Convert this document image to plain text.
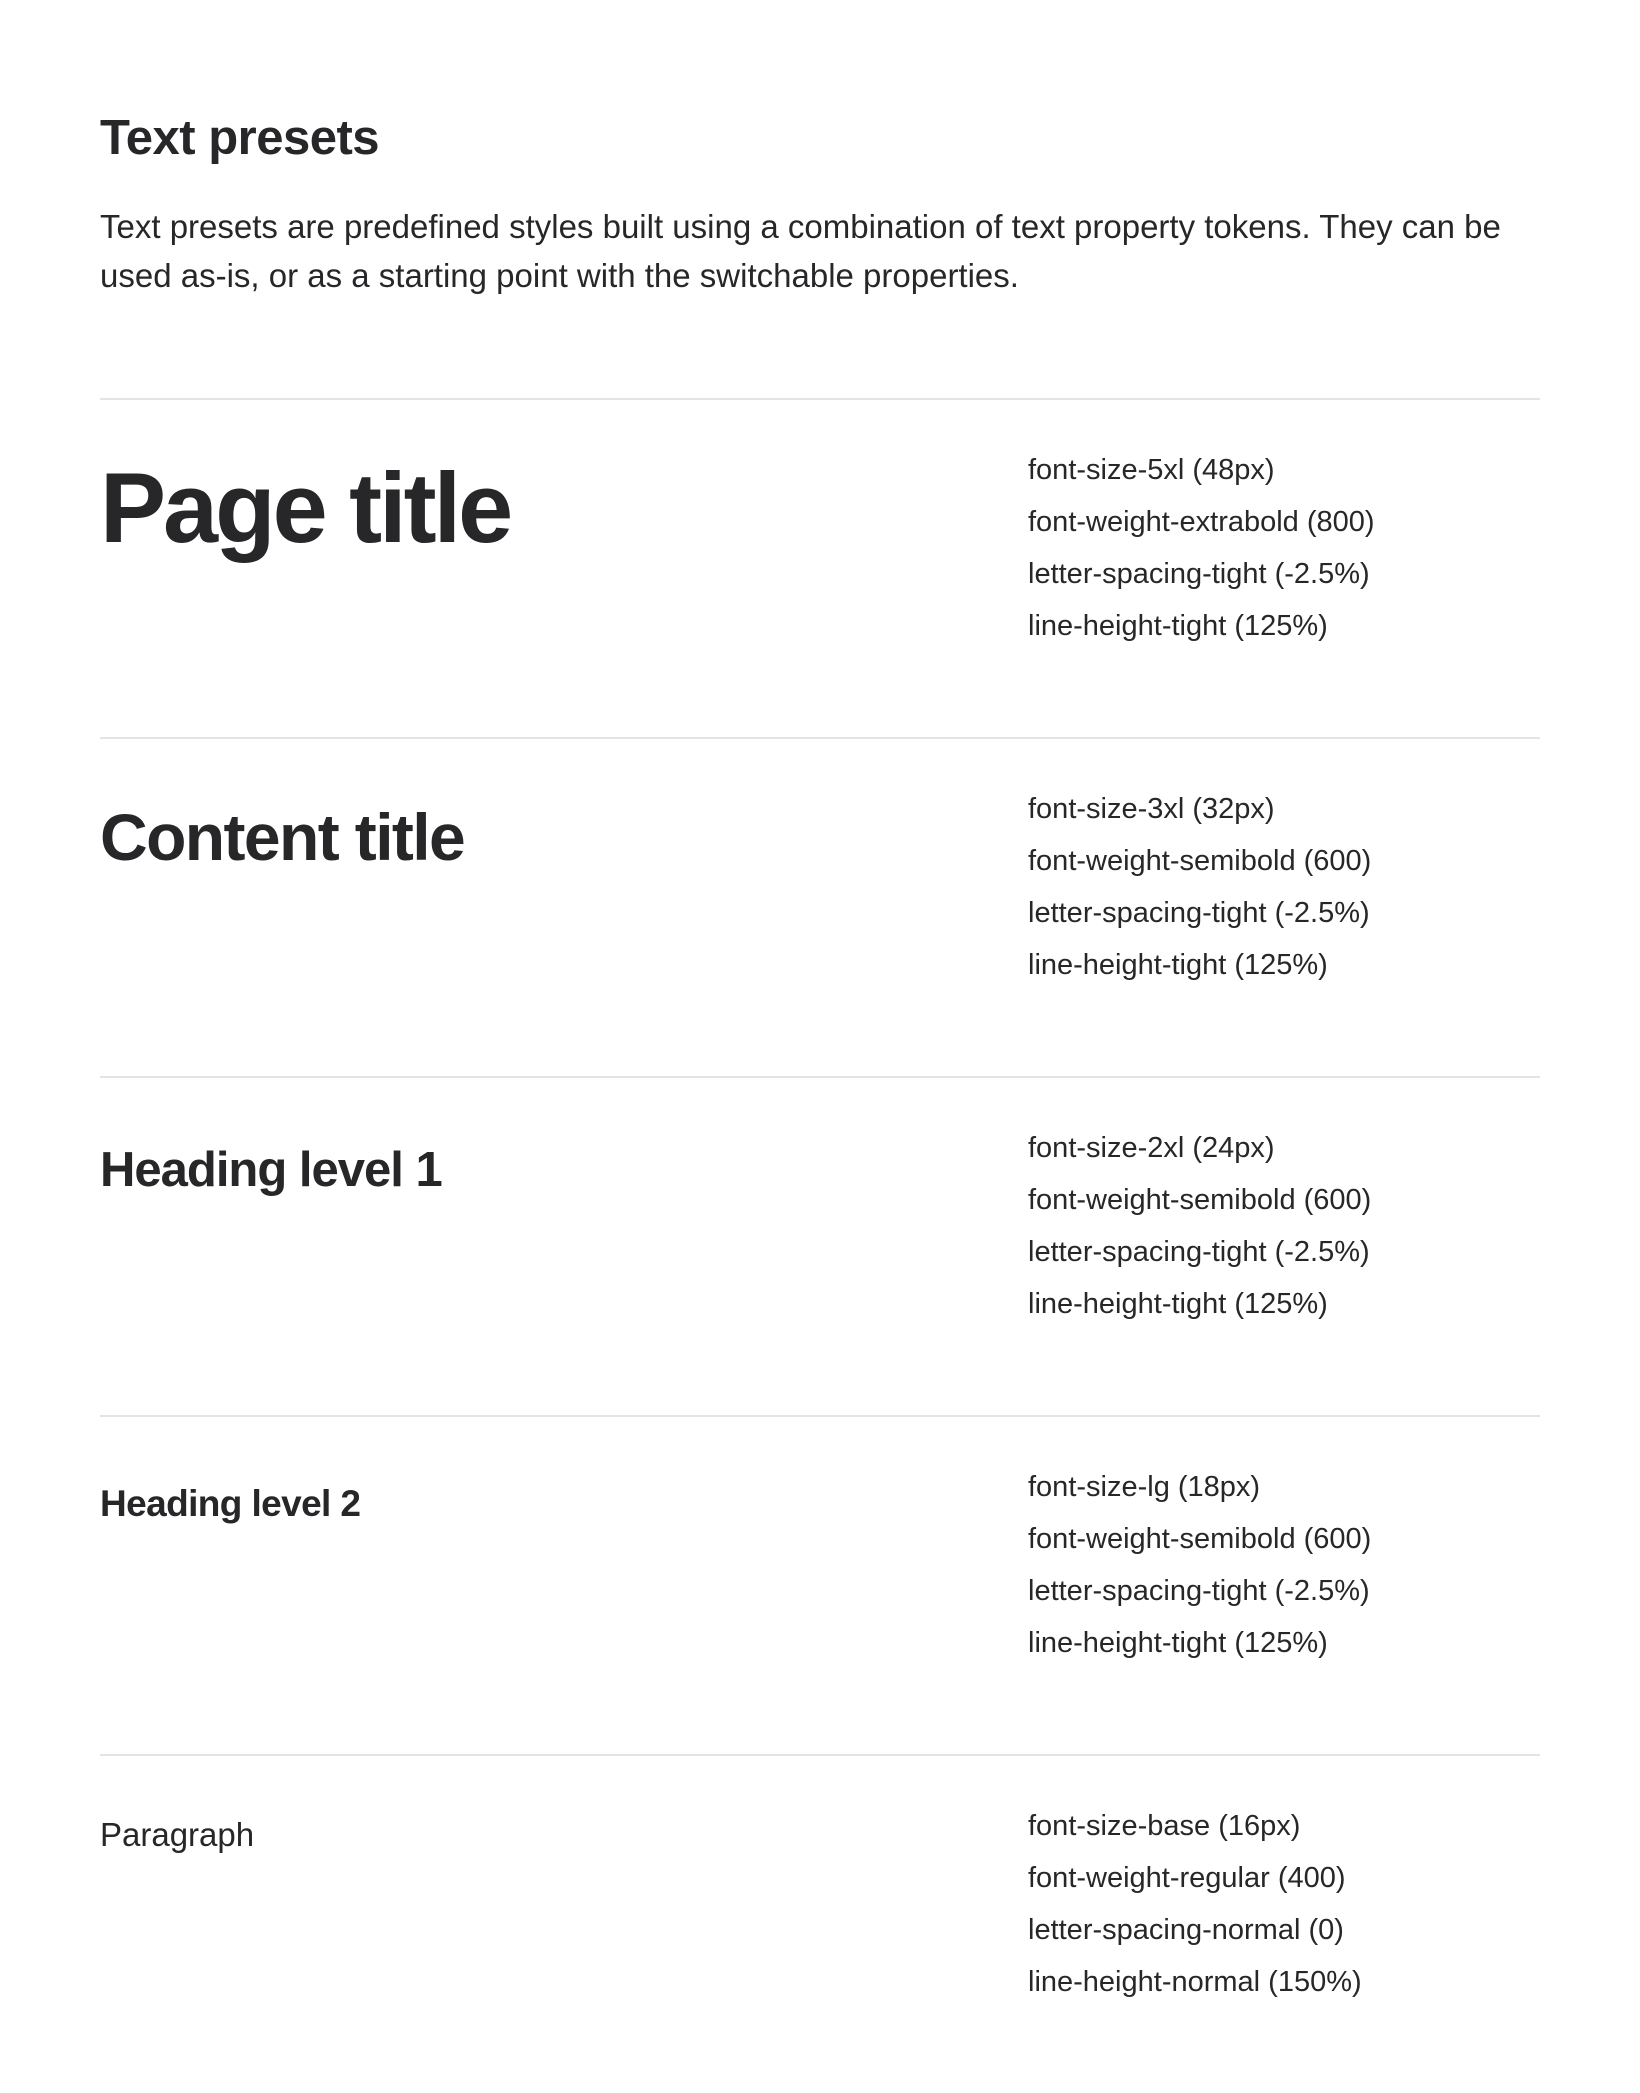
Text presets

Text presets are predefined styles built using a combination of text property tokens. They can be used as-is, or as a starting point with the switchable properties.

Page title	font-size-5xl (48px)
font-weight-extrabold (800)
letter-spacing-tight (-2.5%)
line-height-tight (125%)
Content title	font-size-3xl (32px)
font-weight-semibold (600)
letter-spacing-tight (-2.5%)
line-height-tight (125%)
Heading level 1	font-size-2xl (24px)
font-weight-semibold (600)
letter-spacing-tight (-2.5%)
line-height-tight (125%)
Heading level 2	font-size-lg (18px)
font-weight-semibold (600)
letter-spacing-tight (-2.5%)
line-height-tight (125%)
Paragraph	font-size-base (16px)
font-weight-regular (400)
letter-spacing-normal (0)
line-height-normal (150%)
